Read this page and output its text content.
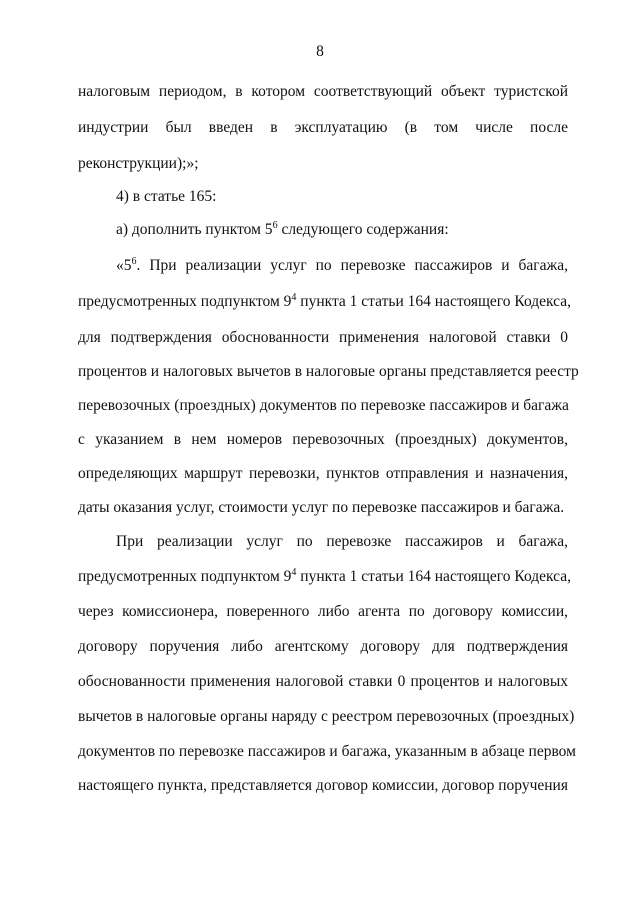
8
налоговым периодом, в котором соответствующий объект туристской
индустрии был введен в эксплуатацию (в том числе после
реконструкции);»;
4) в статье 165:
а) дополнить пунктом $5^6$ следующего содержания:
«$5^6$. При реализации услуг по перевозке пассажиров и багажа,
предусмотренных подпунктом $9^4$ пункта 1 статьи 164 настоящего Кодекса,
для подтверждения обоснованности применения налоговой ставки 0
процентов и налоговых вычетов в налоговые органы представляется реестр
перевозочных (проездных) документов по перевозке пассажиров и багажа
с указанием в нем номеров перевозочных (проездных) документов,
определяющих маршрут перевозки, пунктов отправления и назначения,
даты оказания услуг, стоимости услуг по перевозке пассажиров и багажа.
При реализации услуг по перевозке пассажиров и багажа,
предусмотренных подпунктом $9^4$ пункта 1 статьи 164 настоящего Кодекса,
через комиссионера, поверенного либо агента по договору комиссии,
договору поручения либо агентскому договору для подтверждения
обоснованности применения налоговой ставки 0 процентов и налоговых
вычетов в налоговые органы наряду с реестром перевозочных (проездных)
документов по перевозке пассажиров и багажа, указанным в абзаце первом
настоящего пункта, представляется договор комиссии, договор поручения
